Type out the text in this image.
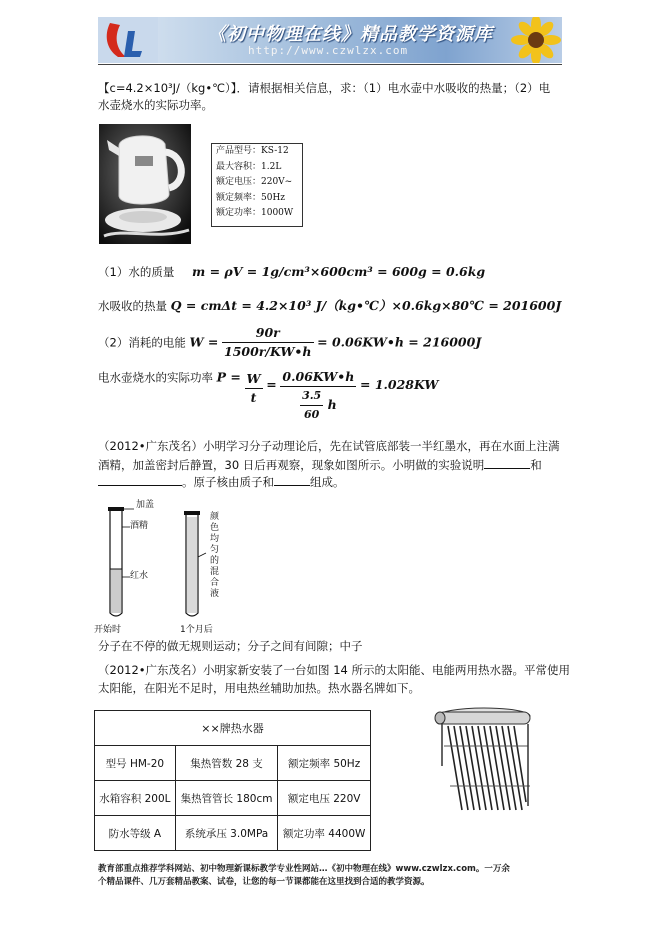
《初中物理在线》精品教学资源库
http://www.czwlzx.com
【c=4.2×10³J/（kg•℃）】．请根据相关信息，求：（1）电水壶中水吸收的热量；（2）电
水壶烧水的实际功率。
产品型号：KS-12
最大容积：1.2L
额定电压：220V~
额定频率：50Hz
额定功率：1000W
（1）水的质量 m = ρV = 1g/cm³×600cm³ = 600g = 0.6kg
水吸收的热量 Q = cmΔt = 4.2×10³ J/（kg•℃）×0.6kg×80℃ = 201600J
（2）消耗的电能 $W = \frac{90r}{1500r/KW•h}$ = 0.06KW•h = 216000J
电水壶烧水的实际功率 $P = \frac{W}{t} = \frac{0.06KW•h}{\frac{3.5}{60} h} = 1.028KW$
（2012•广东茂名）小明学习分子动理论后，先在试管底部装一半红墨水，再在水面上注满
酒精，加盖密封后静置，30 日后再观察，现象如图所示。小明做的实验说明	和
。原子核由质子和	组成。
加盖
酒精
红水
开始时
颜色均匀的混合液
1个月后
分子在不停的做无规则运动；分子之间有间隙；中子
（2012•广东茂名）小明家新安装了一台如图 14 所示的太阳能、电能两用热水器。平常使用
太阳能，在阳光不足时，用电热丝辅助加热。热水器名牌如下。
××牌热水器		
型号 HM-20	集热管数 28 支	额定频率 50Hz
水箱容积 200L	集热管管长 180cm	额定电压 220V
防水等级 A	系统承压 3.0MPa	额定功率 4400W
教育部重点推荐学科网站、初中物理新课标教学专业性网站…《初中物理在线》www.czwlzx.com。一万余
个精品课件、几万套精品教案、试卷，让您的每一节课都能在这里找到合适的教学资源。
